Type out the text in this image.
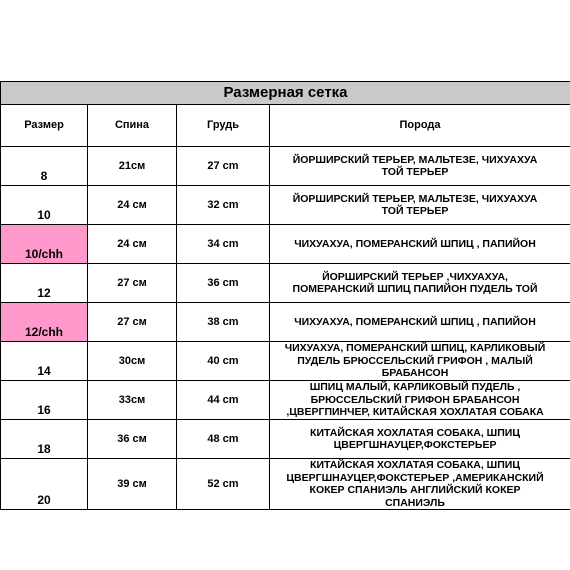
Размерная сетка			
Размер	Спина	Грудь	Порода
8	21см	27 cm	ЙОРШИРСКИЙ ТЕРЬЕР, МАЛЬТЕЗЕ, ЧИХУАХУА ТОЙ ТЕРЬЕР
10	24 см	32 cm	ЙОРШИРСКИЙ ТЕРЬЕР, МАЛЬТЕЗЕ, ЧИХУАХУА ТОЙ ТЕРЬЕР
10/chh	24 см	34 cm	ЧИХУАХУА, ПОМЕРАНСКИЙ ШПИЦ , ПАПИЙОН
12	27 см	36 cm	ЙОРШИРСКИЙ ТЕРЬЕР ,ЧИХУАХУА, ПОМЕРАНСКИЙ ШПИЦ ПАПИЙОН ПУДЕЛЬ ТОЙ
12/chh	27 см	38 cm	ЧИХУАХУА, ПОМЕРАНСКИЙ ШПИЦ , ПАПИЙОН
14	30см	40 cm	ЧИХУАХУА, ПОМЕРАНСКИЙ ШПИЦ, КАРЛИКОВЫЙ ПУДЕЛЬ БРЮССЕЛЬСКИЙ ГРИФОН , МАЛЫЙ БРАБАНСОН
16	33см	44 cm	ШПИЦ МАЛЫЙ, КАРЛИКОВЫЙ ПУДЕЛЬ , БРЮССЕЛЬСКИЙ ГРИФОН БРАБАНСОН ,ЦВЕРГПИНЧЕР, КИТАЙСКАЯ ХОХЛАТАЯ СОБАКА
18	36 см	48 cm	КИТАЙСКАЯ ХОХЛАТАЯ СОБАКА, ШПИЦ ЦВЕРГШНАУЦЕР,ФОКСТЕРЬЕР
20	39 см	52 cm	КИТАЙСКАЯ ХОХЛАТАЯ СОБАКА, ШПИЦ ЦВЕРГШНАУЦЕР,ФОКСТЕРЬЕР ,АМЕРИКАНСКИЙ КОКЕР СПАНИЭЛЬ АНГЛИЙСКИЙ КОКЕР СПАНИЭЛЬ
